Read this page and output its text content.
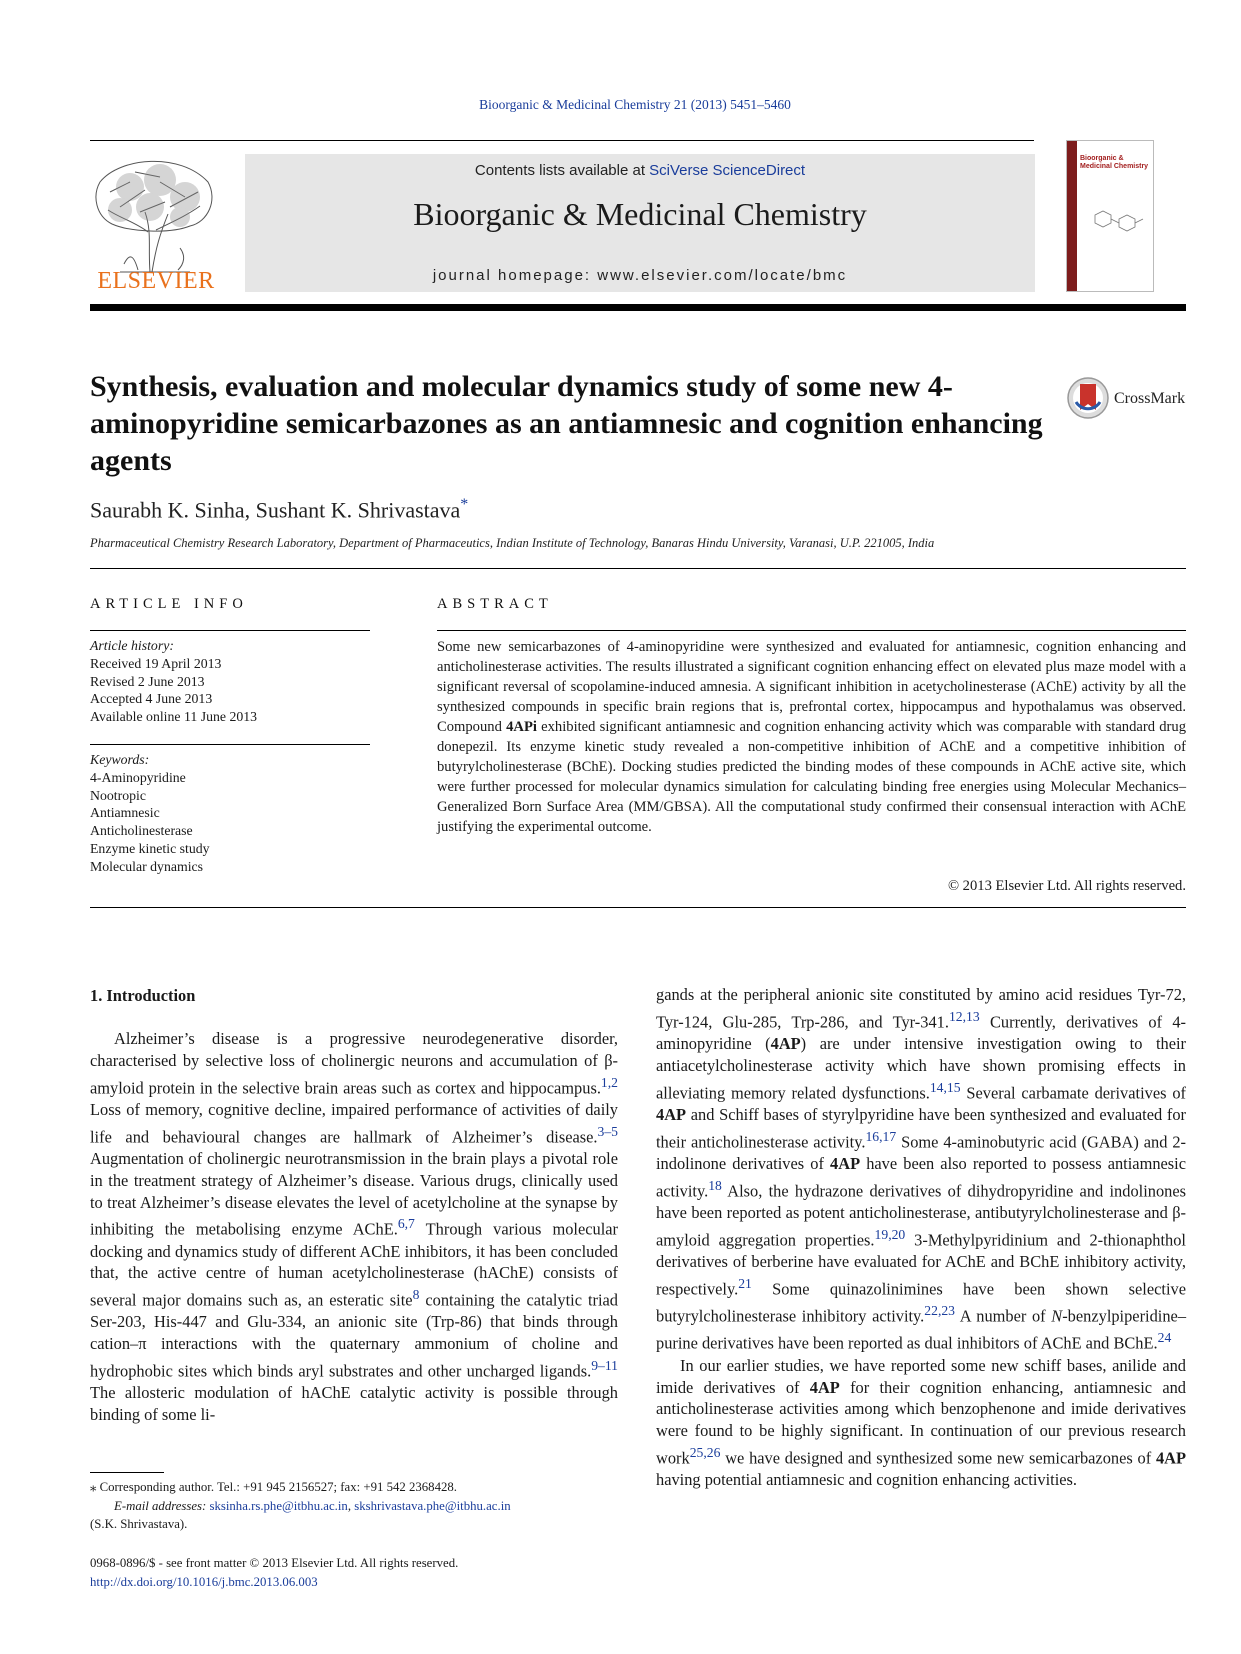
Bioorganic & Medicinal Chemistry 21 (2013) 5451–5460
ELSEVIER
Contents lists available at SciVerse ScienceDirect
Bioorganic & Medicinal Chemistry
journal homepage: www.elsevier.com/locate/bmc
Bioorganic & Medicinal Chemistry
Synthesis, evaluation and molecular dynamics study of some new 4-aminopyridine semicarbazones as an antiamnesic and cognition enhancing agents
CrossMark
Saurabh K. Sinha, Sushant K. Shrivastava*
Pharmaceutical Chemistry Research Laboratory, Department of Pharmaceutics, Indian Institute of Technology, Banaras Hindu University, Varanasi, U.P. 221005, India
ARTICLE INFO	ABSTRACT
Article history:
Received 19 April 2013
Revised 2 June 2013
Accepted 4 June 2013
Available online 11 June 2013
Keywords:
4-Aminopyridine
Nootropic
Antiamnesic
Anticholinesterase
Enzyme kinetic study
Molecular dynamics
Some new semicarbazones of 4-aminopyridine were synthesized and evaluated for antiamnesic, cognition enhancing and anticholinesterase activities. The results illustrated a significant cognition enhancing effect on elevated plus maze model with a significant reversal of scopolamine-induced amnesia. A significant inhibition in acetycholinesterase (AChE) activity by all the synthesized compounds in specific brain regions that is, prefrontal cortex, hippocampus and hypothalamus was observed. Compound 4APi exhibited significant antiamnesic and cognition enhancing activity which was comparable with standard drug donepezil. Its enzyme kinetic study revealed a non-competitive inhibition of AChE and a competitive inhibition of butyrylcholinesterase (BChE). Docking studies predicted the binding modes of these compounds in AChE active site, which were further processed for molecular dynamics simulation for calculating binding free energies using Molecular Mechanics–Generalized Born Surface Area (MM/GBSA). All the computational study confirmed their consensual interaction with AChE justifying the experimental outcome.
© 2013 Elsevier Ltd. All rights reserved.
1. Introduction

Alzheimer’s disease is a progressive neurodegenerative disorder, characterised by selective loss of cholinergic neurons and accumulation of β-amyloid protein in the selective brain areas such as cortex and hippocampus.$^{1,2}$ Loss of memory, cognitive decline, impaired performance of activities of daily life and behavioural changes are hallmark of Alzheimer’s disease.$^{3-5}$ Augmentation of cholinergic neurotransmission in the brain plays a pivotal role in the treatment strategy of Alzheimer’s disease. Various drugs, clinically used to treat Alzheimer’s disease elevates the level of acetylcholine at the synapse by inhibiting the metabolising enzyme AChE.$^{6,7}$ Through various molecular docking and dynamics study of different AChE inhibitors, it has been concluded that, the active centre of human acetylcholinesterase (hAChE) consists of several major domains such as, an esteratic site$^8$ containing the catalytic triad Ser-203, His-447 and Glu-334, an anionic site (Trp-86) that binds through cation–π interactions with the quaternary ammonium of choline and hydrophobic sites which binds aryl substrates and other uncharged ligands.$^{9-11}$ The allosteric modulation of hAChE catalytic activity is possible through binding of some li-

gands at the peripheral anionic site constituted by amino acid residues Tyr-72, Tyr-124, Glu-285, Trp-286, and Tyr-341.$^{12,13}$ Currently, derivatives of 4-aminopyridine (4AP) are under intensive investigation owing to their antiacetylcholinesterase activity which have shown promising effects in alleviating memory related dysfunctions.$^{14,15}$ Several carbamate derivatives of 4AP and Schiff bases of styrylpyridine have been synthesized and evaluated for their anticholinesterase activity.$^{16,17}$ Some 4-aminobutyric acid (GABA) and 2-indolinone derivatives of 4AP have been also reported to possess antiamnesic activity.$^{18}$ Also, the hydrazone derivatives of dihydropyridine and indolinones have been reported as potent anticholinesterase, antibutyrylcholinesterase and β-amyloid aggregation properties.$^{19,20}$ 3-Methylpyridinium and 2-thionaphthol derivatives of berberine have evaluated for AChE and BChE inhibitory activity, respectively.$^{21}$ Some quinazolinimines have been shown selective butyrylcholinesterase inhibitory activity.$^{22,23}$ A number of N-benzylpiperidine–purine derivatives have been reported as dual inhibitors of AChE and BChE.$^{24}$

In our earlier studies, we have reported some new schiff bases, anilide and imide derivatives of 4AP for their cognition enhancing, antiamnesic and anticholinesterase activities among which benzophenone and imide derivatives were found to be highly significant. In continuation of our previous research work$^{25,26}$ we have designed and synthesized some new semicarbazones of 4AP having potential antiamnesic and cognition enhancing activities.

⁎ Corresponding author. Tel.: +91 945 2156527; fax: +91 542 2368428.
E-mail addresses: sksinha.rs.phe@itbhu.ac.in, skshrivastava.phe@itbhu.ac.in
(S.K. Shrivastava).
0968-0896/$ - see front matter © 2013 Elsevier Ltd. All rights reserved.
http://dx.doi.org/10.1016/j.bmc.2013.06.003
